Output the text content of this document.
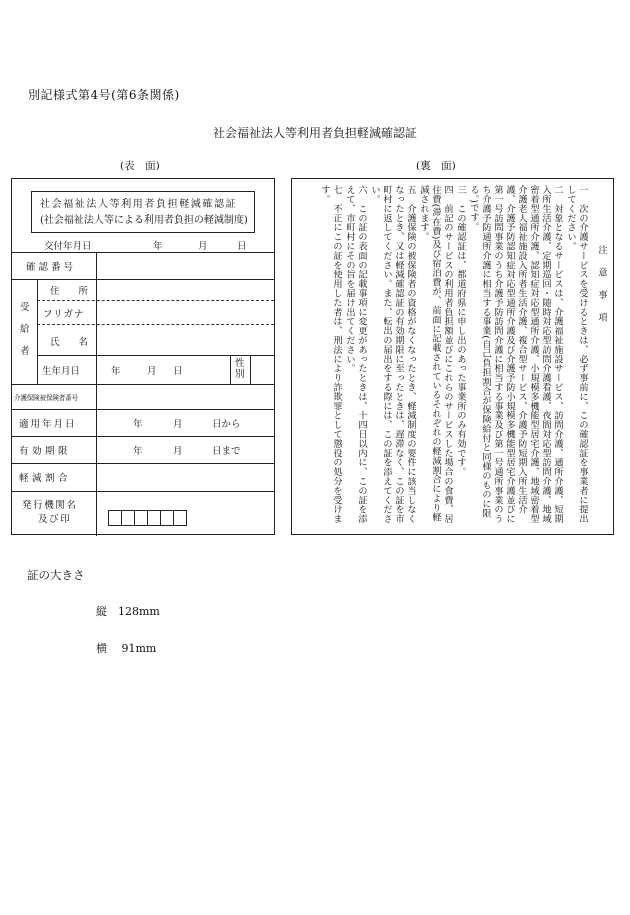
別記様式第4号(第6条関係)
社会福祉法人等利用者負担軽減確認証
(表　面)	(裏　面)
社会福祉法人等利用者負担軽減確認証
(社会福祉法人等による利用者負担の軽減制度)
交付年月日	年	月	日
確認番号
受給者
住　　所
フリガナ
氏　　名
生年月日	年	月 日
性別
介護保険被保険者番号
適用年月日	年	月	日から
有効期限	年	月	日まで
軽減割合
発行機関名
及び印

注　意　事　項

一　次の介護サービスを受けるときは、必ず事前に、この確認証を事業者に提出してください。

二　対象となるサービスは、介護福祉施設サービス、訪問介護、通所介護、短期入所生活介護、定期巡回・随時対応型訪問介護看護、夜間対応型訪問介護、地域密着型通所介護、認知症対応型通所介護、小規模多機能型居宅介護、地域密着型介護老人福祉施設入所者生活介護、複合型サービス、介護予防短期入所生活介護、介護予防認知症対応型通所介護及び介護予防小規模多機能型居宅介護並びに第一号訪問事業のうち介護予防訪問介護に相当する事業及び第一号通所事業のうち介護予防通所介護に相当する事業(自己負担割合が保険給付と同様のものに限る。)です。

三　この確認証は、都道府県に申し出のあった事業所のみ有効です。

四　前記のサービスの利用者負担額並びにこれらのサービスした場合の食費、居住費(滞在費)及び宿泊費が、前面に記載されているそれぞれの軽減割合により軽減されます。

五　介護保険の被保険者の資格がなくなったとき、軽減制度の要件に該当しなくなったとき、又は軽減確認証の有効期限に至ったときは、遅滞なく、この証を市町村に返してください。また、転出の届出をする際には、この証を添えてください。

六　この証の表面の記載事項に変更があったときは、十四日以内に、この証を添えて、市町村にその旨を届け出てください。

七　不正にこの証を使用した者は、刑法により詐欺罪として懲役の処分を受けます。

証の大きさ
縦　128mm
横　 91mm
